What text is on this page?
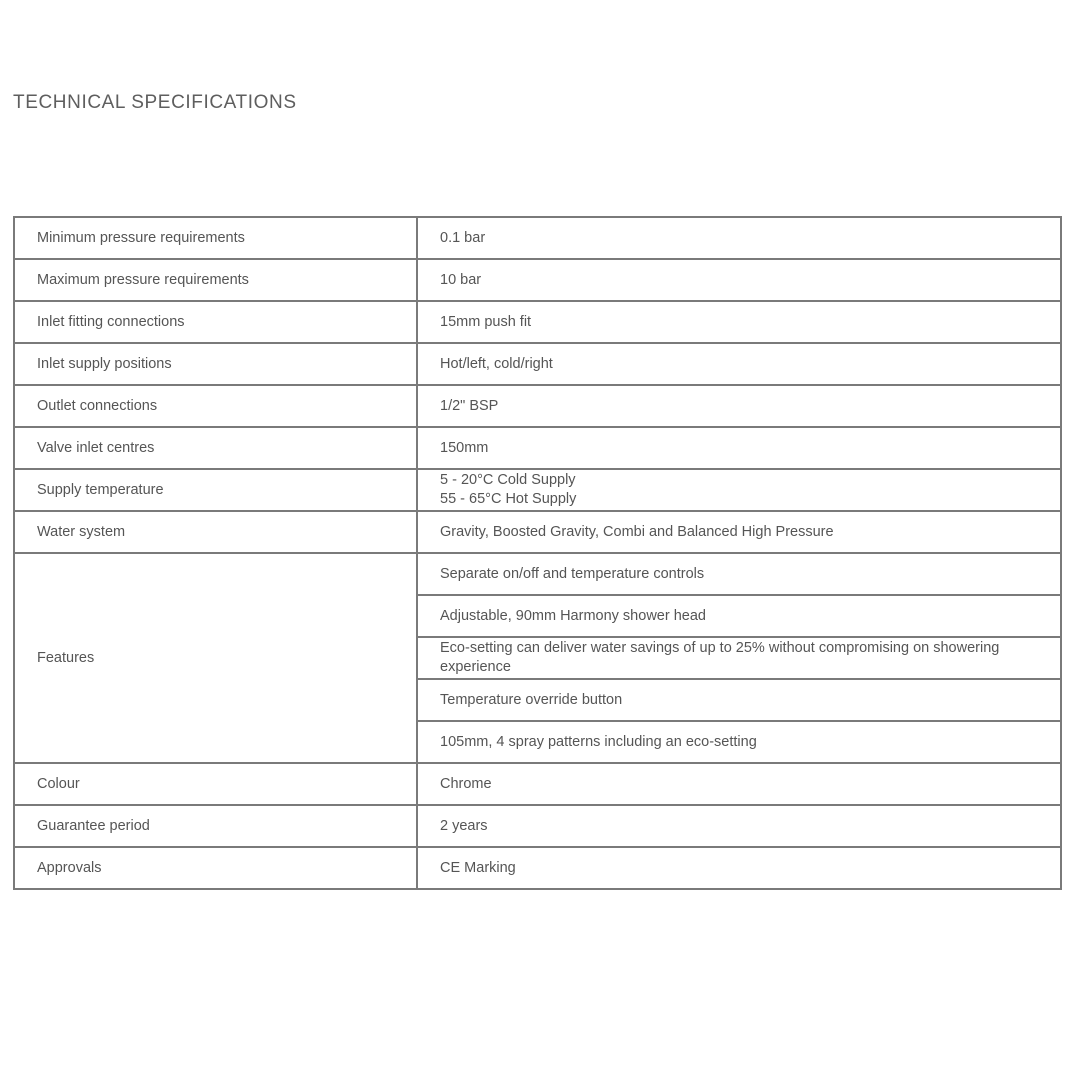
TECHNICAL SPECIFICATIONS
Minimum pressure requirements	0.1 bar
Maximum pressure requirements	10 bar
Inlet fitting connections	15mm push fit
Inlet supply positions	Hot/left, cold/right
Outlet connections	1/2" BSP
Valve inlet centres	150mm
Supply temperature	5 - 20°C Cold Supply
55 - 65°C Hot Supply

Water system	Gravity, Boosted Gravity, Combi and Balanced High Pressure
Features	Separate on/off and temperature controls
	Adjustable, 90mm Harmony shower head
	Eco-setting can deliver water savings of up to 25% without compromising on showering experience
	Temperature override button
	105mm, 4 spray patterns including an eco-setting
Colour	Chrome
Guarantee period	2 years
Approvals	CE Marking
